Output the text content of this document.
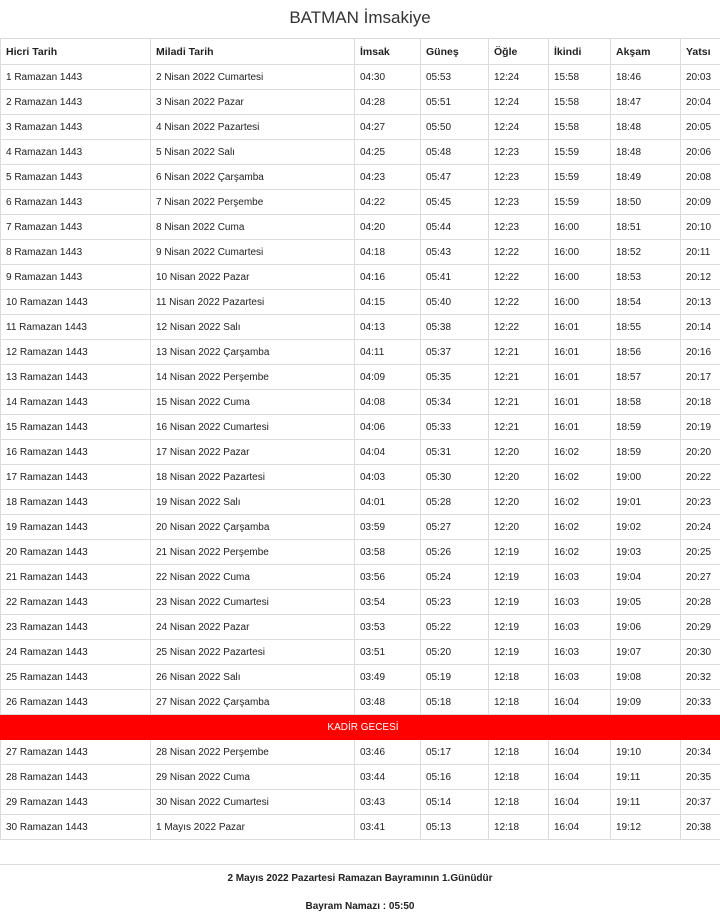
BATMAN İmsakiye
Hicri Tarih	Miladi Tarih	İmsak	Güneş	Öğle	İkindi	Akşam	Yatsı
1 Ramazan 1443	2 Nisan 2022 Cumartesi	04:30	05:53	12:24	15:58	18:46	20:03
2 Ramazan 1443	3 Nisan 2022 Pazar	04:28	05:51	12:24	15:58	18:47	20:04
3 Ramazan 1443	4 Nisan 2022 Pazartesi	04:27	05:50	12:24	15:58	18:48	20:05
4 Ramazan 1443	5 Nisan 2022 Salı	04:25	05:48	12:23	15:59	18:48	20:06
5 Ramazan 1443	6 Nisan 2022 Çarşamba	04:23	05:47	12:23	15:59	18:49	20:08
6 Ramazan 1443	7 Nisan 2022 Perşembe	04:22	05:45	12:23	15:59	18:50	20:09
7 Ramazan 1443	8 Nisan 2022 Cuma	04:20	05:44	12:23	16:00	18:51	20:10
8 Ramazan 1443	9 Nisan 2022 Cumartesi	04:18	05:43	12:22	16:00	18:52	20:11
9 Ramazan 1443	10 Nisan 2022 Pazar	04:16	05:41	12:22	16:00	18:53	20:12
10 Ramazan 1443	11 Nisan 2022 Pazartesi	04:15	05:40	12:22	16:00	18:54	20:13
11 Ramazan 1443	12 Nisan 2022 Salı	04:13	05:38	12:22	16:01	18:55	20:14
12 Ramazan 1443	13 Nisan 2022 Çarşamba	04:11	05:37	12:21	16:01	18:56	20:16
13 Ramazan 1443	14 Nisan 2022 Perşembe	04:09	05:35	12:21	16:01	18:57	20:17
14 Ramazan 1443	15 Nisan 2022 Cuma	04:08	05:34	12:21	16:01	18:58	20:18
15 Ramazan 1443	16 Nisan 2022 Cumartesi	04:06	05:33	12:21	16:01	18:59	20:19
16 Ramazan 1443	17 Nisan 2022 Pazar	04:04	05:31	12:20	16:02	18:59	20:20
17 Ramazan 1443	18 Nisan 2022 Pazartesi	04:03	05:30	12:20	16:02	19:00	20:22
18 Ramazan 1443	19 Nisan 2022 Salı	04:01	05:28	12:20	16:02	19:01	20:23
19 Ramazan 1443	20 Nisan 2022 Çarşamba	03:59	05:27	12:20	16:02	19:02	20:24
20 Ramazan 1443	21 Nisan 2022 Perşembe	03:58	05:26	12:19	16:02	19:03	20:25
21 Ramazan 1443	22 Nisan 2022 Cuma	03:56	05:24	12:19	16:03	19:04	20:27
22 Ramazan 1443	23 Nisan 2022 Cumartesi	03:54	05:23	12:19	16:03	19:05	20:28
23 Ramazan 1443	24 Nisan 2022 Pazar	03:53	05:22	12:19	16:03	19:06	20:29
24 Ramazan 1443	25 Nisan 2022 Pazartesi	03:51	05:20	12:19	16:03	19:07	20:30
25 Ramazan 1443	26 Nisan 2022 Salı	03:49	05:19	12:18	16:03	19:08	20:32
26 Ramazan 1443	27 Nisan 2022 Çarşamba	03:48	05:18	12:18	16:04	19:09	20:33
KADİR GECESİ							
27 Ramazan 1443	28 Nisan 2022 Perşembe	03:46	05:17	12:18	16:04	19:10	20:34
28 Ramazan 1443	29 Nisan 2022 Cuma	03:44	05:16	12:18	16:04	19:11	20:35
29 Ramazan 1443	30 Nisan 2022 Cumartesi	03:43	05:14	12:18	16:04	19:11	20:37
30 Ramazan 1443	1 Mayıs 2022 Pazar	03:41	05:13	12:18	16:04	19:12	20:38
2 Mayıs 2022 Pazartesi Ramazan Bayramının 1.Günüdür
Bayram Namazı : 05:50
